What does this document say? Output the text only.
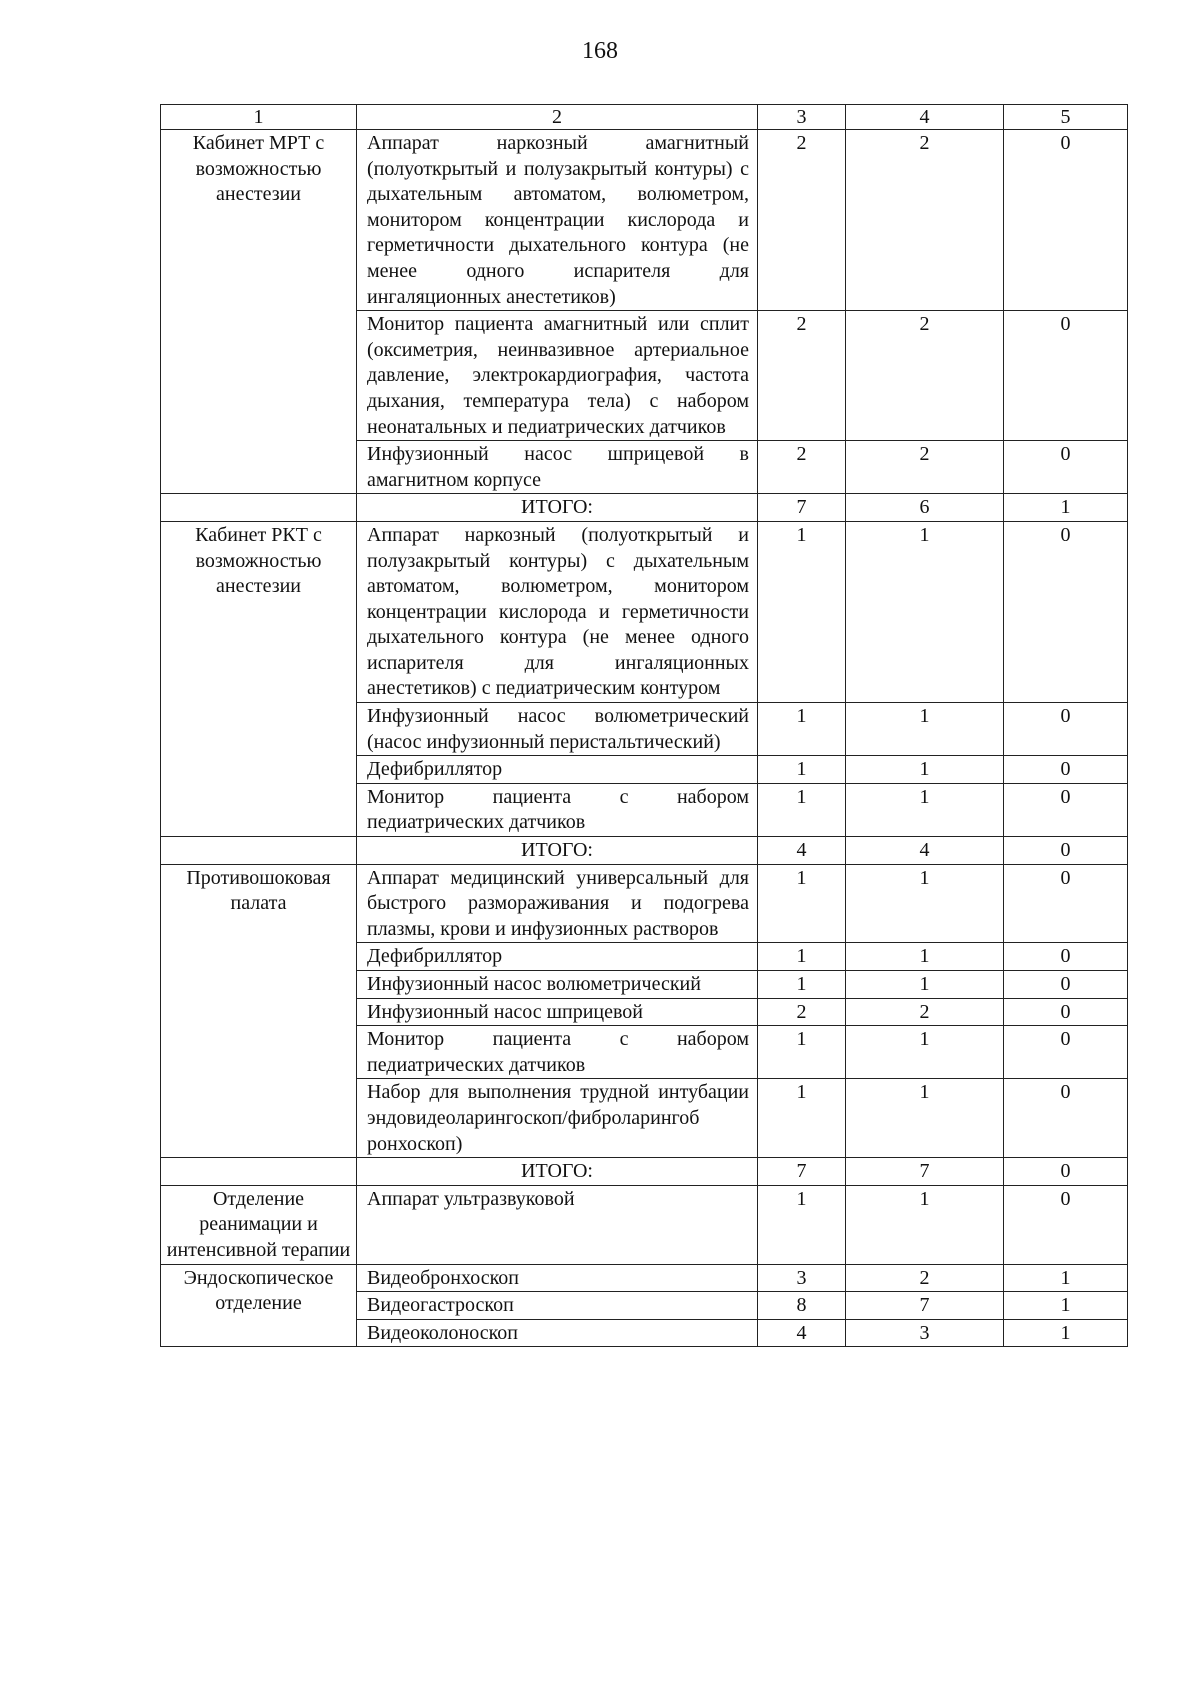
168
1	2	3	4	5
Кабинет МРТ с возможностью анестезии	Аппарат наркозный амагнитный (полуоткрытый и полузакрытый контуры) с дыхательным автоматом, волюметром, монитором концентрации кислорода и герметичности дыхательного контура (не менее одного испарителя для ингаляционных анестетиков)	2	2	0
	Монитор пациента амагнитный или сплит (оксиметрия, неинвазивное артериальное давление, электрокардиография, частота дыхания, температура тела) с набором неонатальных и педиатрических датчиков	2	2	0
	Инфузионный насос шприцевой в амагнитном корпусе	2	2	0
	ИТОГО:	7	6	1
Кабинет РКТ с возможностью анестезии	Аппарат наркозный (полуоткрытый и полузакрытый контуры) с дыхательным автоматом, волюметром, монитором концентрации кислорода и герметичности дыхательного контура (не менее одного испарителя для ингаляционных анестетиков) с педиатрическим контуром	1	1	0
	Инфузионный насос волюметрический (насос инфузионный перистальтический)	1	1	0
	Дефибриллятор	1	1	0
	Монитор пациента с набором педиатрических датчиков	1	1	0
	ИТОГО:	4	4	0
Противошоковая палата	Аппарат медицинский универсальный для быстрого размораживания и подогрева плазмы, крови и инфузионных растворов	1	1	0
	Дефибриллятор	1	1	0
	Инфузионный насос волюметрический	1	1	0
	Инфузионный насос шприцевой	2	2	0
	Монитор пациента с набором педиатрических датчиков	1	1	0
	Набор для выполнения трудной интубации эндовидеоларингоскоп/фиброларингоб ронхоскоп)	1	1	0
	ИТОГО:	7	7	0
Отделение реанимации и интенсивной терапии	Аппарат ультразвуковой	1	1	0
Эндоскопическое отделение	Видеобронхоскоп	3	2	1
	Видеогастроскоп	8	7	1
	Видеоколоноскоп	4	3	1
